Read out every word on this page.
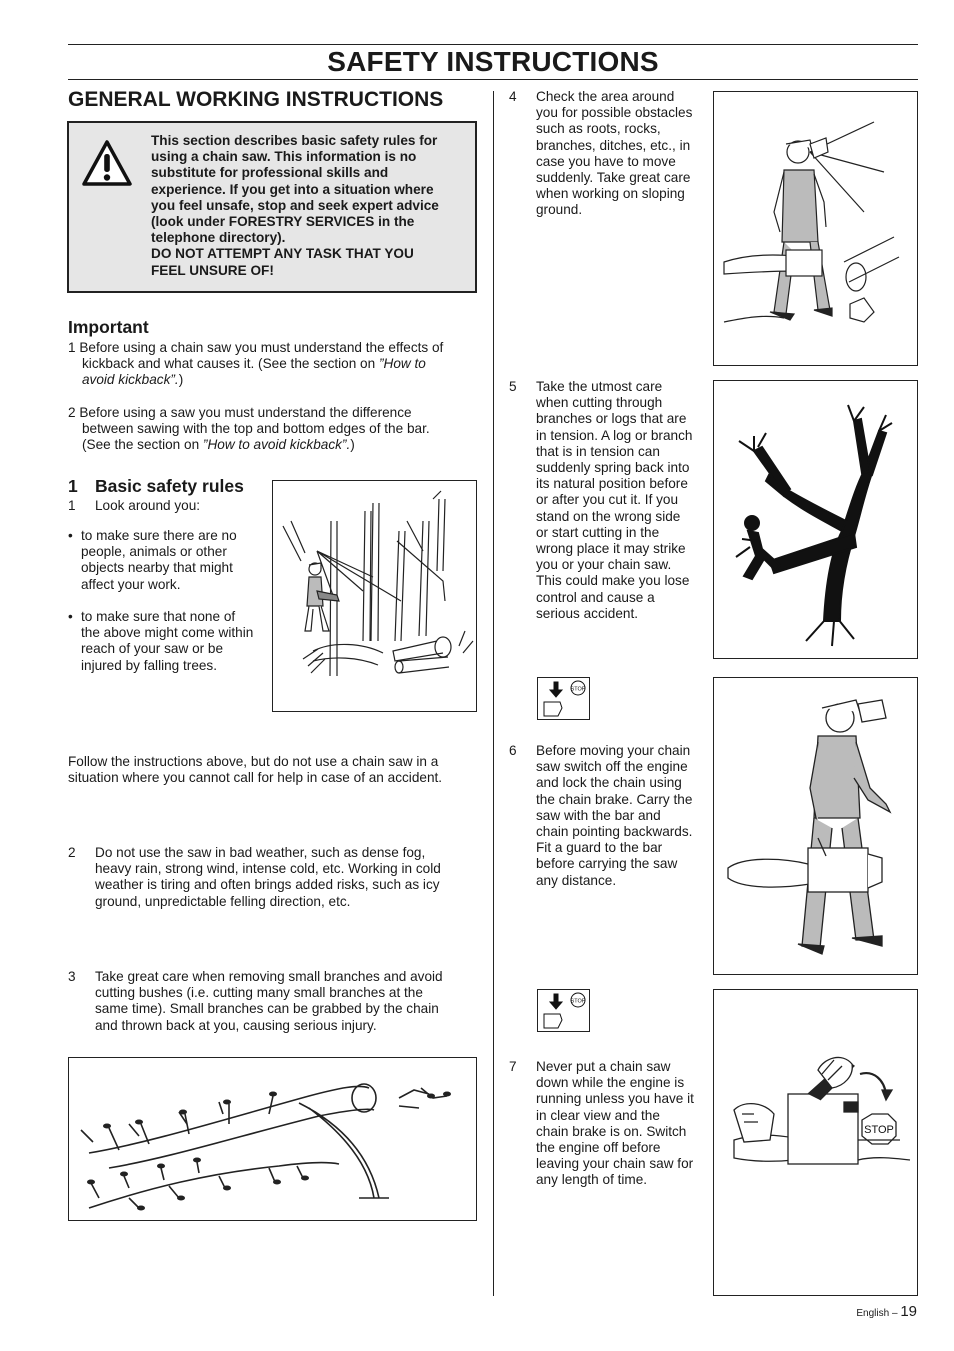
SAFETY INSTRUCTIONS
GENERAL WORKING INSTRUCTIONS
This section describes basic safety rules for
using a chain saw. This information is no
substitute for professional skills and
experience. If you get into a situation where
you feel unsafe, stop and seek expert advice
(look under FORESTRY SERVICES in the
telephone directory).
DO NOT ATTEMPT ANY TASK THAT YOU
FEEL UNSURE OF!
Important
1 Before using a chain saw you must understand the effects of
kickback and what causes it. (See the section on ”How to
avoid kickback”.)
2 Before using a saw you must understand the difference
between sawing with the top and bottom edges of the bar.
(See the section on ”How to avoid kickback”.)
1 Basic safety rules
1 Look around you:
• to make sure there are no
people, animals or other
objects nearby that might
affect your work.
• to make sure that none of
the above might come within
reach of your saw or be
injured by falling trees.
Follow the instructions above, but do not use a chain saw in a
situation where you cannot call for help in case of an accident.
2 Do not use the saw in bad weather, such as dense fog,
heavy rain, strong wind, intense cold, etc. Working in cold
weather is tiring and often brings added risks, such as icy
ground, unpredictable felling direction, etc.
3 Take great care when removing small branches and avoid
cutting bushes (i.e. cutting many small branches at the
same time). Small branches can be grabbed by the chain
and thrown back at you, causing serious injury.
4 Check the area around
you for possible obstacles
such as roots, rocks,
branches, ditches, etc., in
case you have to move
suddenly. Take great care
when working on sloping
ground.
5 Take the utmost care
when cutting through
branches or logs that are
in tension. A log or branch
that is in tension can
suddenly spring back into
its natural position before
or after you cut it. If you
stand on the wrong side
or start cutting in the
wrong place it may strike
you or your chain saw.
This could make you lose
control and cause a
serious accident.
STOP
6 Before moving your chain
saw switch off the engine
and lock the chain using
the chain brake. Carry the
saw with the bar and
chain pointing backwards.
Fit a guard to the bar
before carrying the saw
any distance.
STOP
7 Never put a chain saw
down while the engine is
running unless you have it
in clear view and the
chain brake is on. Switch
the engine off before
leaving your chain saw for
any length of time.
STOP
English – 19
